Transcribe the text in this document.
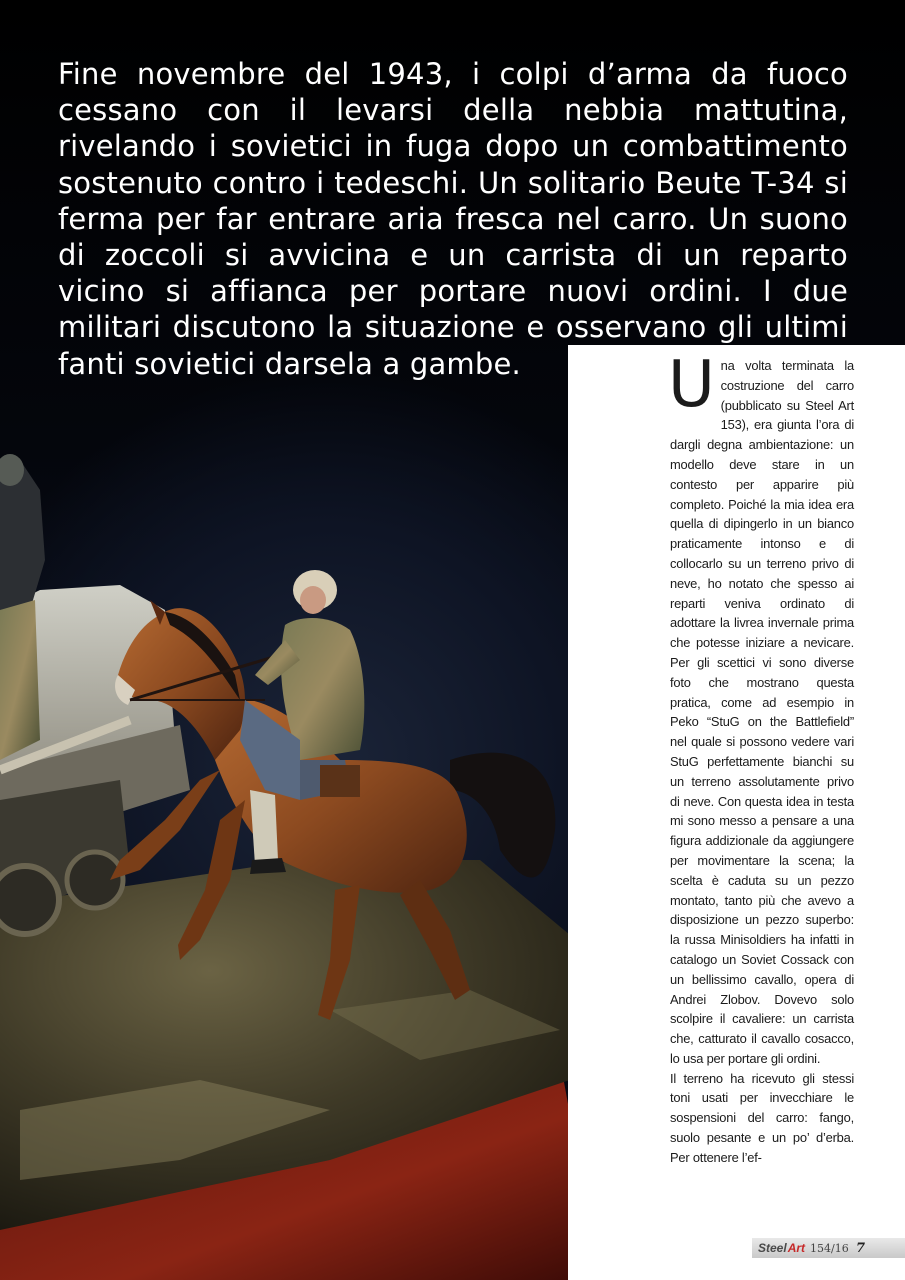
Fine novembre del 1943, i colpi d’arma da fuoco cessano con il levarsi della nebbia mattutina, rivelando i sovietici in fuga dopo un combattimento sostenuto contro i tedeschi. Un solitario Beute T-34 si ferma per far entrare aria fresca nel carro. Un suono di zoccoli si avvicina e un carrista di un reparto vicino si affianca per portare nuovi ordini. I due militari discutono la situazione e osservano gli ultimi fanti sovietici darsela a gambe.	Una volta terminata la costruzione del carro (pubblicato su Steel Art 153), era giunta l’ora di dargli degna ambientazione: un modello deve stare in un contesto per apparire più completo. Poiché la mia idea era quella di dipingerlo in un bianco praticamente intonso e di collocarlo su un terreno privo di neve, ho notato che spesso ai reparti veniva ordinato di adottare la livrea invernale prima che potesse iniziare a nevicare. Per gli scettici vi sono diverse foto che mostrano questa pratica, come ad esempio in Peko “StuG on the Battlefield” nel quale si possono vedere vari StuG perfettamente bianchi su un terreno assolutamente privo di neve. Con questa idea in testa mi sono messo a pensare a una figura addizionale da aggiungere per movimentare la scena; la scelta è caduta su un pezzo montato, tanto più che avevo a disposizione un pezzo superbo: la russa Minisoldiers ha infatti in catalogo un Soviet Cossack con un bellissimo cavallo, opera di Andrei Zlobov. Dovevo solo scolpire il cavaliere: un carrista che, catturato il cavallo cosacco, lo usa per portare gli ordini.

Il terreno ha ricevuto gli stessi toni usati per invecchiare le sospensioni del carro: fango, suolo pesante e un po’ d’erba. Per ottenere l’ef-

Steel Art 154/16 7
